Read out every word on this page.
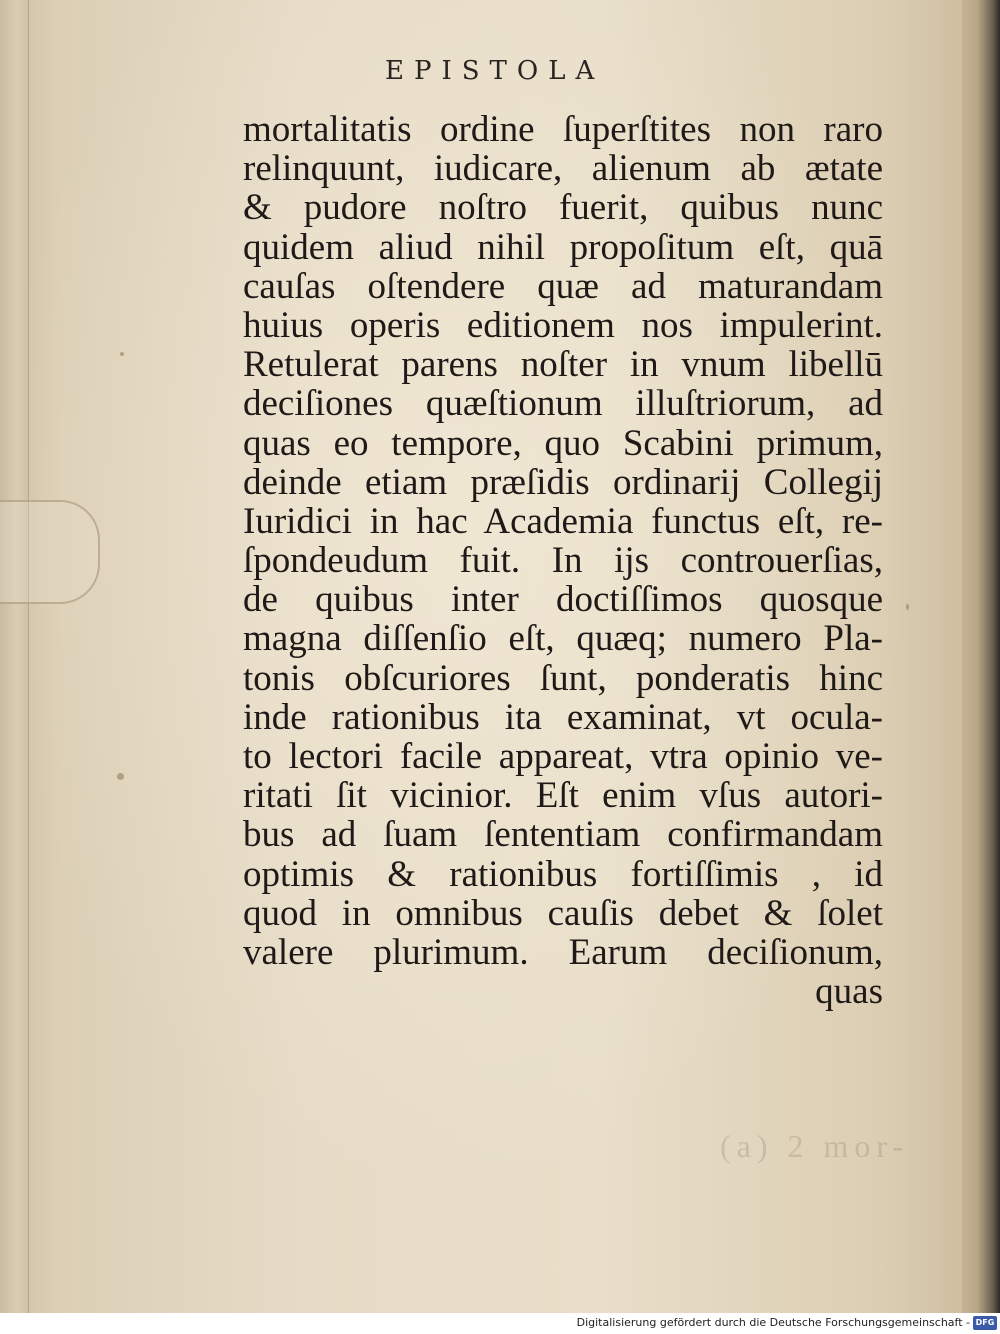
(a) 2 mor-
EPISTOLA
mortalitatis ordine ſuperſtites non raro
relinquunt, iudicare, alienum ab ætate
& pudore noſtro fuerit, quibus nunc
quidem aliud nihil propoſitum eſt, quā
cauſas oſtendere quæ ad maturandam
huius operis editionem nos impulerint.
Retulerat parens noſter in vnum libellū
deciſiones quæſtionum illuſtriorum, ad
quas eo tempore, quo Scabini primum,
deinde etiam præſidis ordinarij Collegij
Iuridici in hac Academia functus eſt, re-
ſpondeudum fuit. In ijs controuerſias,
de quibus inter doctiſſimos quosque
magna diſſenſio eſt, quæq; numero Pla-
tonis obſcuriores ſunt, ponderatis hinc
inde rationibus ita examinat, vt ocula-
to lectori facile appareat, vtra opinio ve-
ritati ſit vicinior. Eſt enim vſus autori-
bus ad ſuam ſententiam confirmandam
optimis & rationibus fortiſſimis , id
quod in omnibus cauſis debet & ſolet
valere plurimum. Earum deciſionum,
quas
Digitalisierung gefördert durch die Deutsche Forschungsgemeinschaft - DFG
